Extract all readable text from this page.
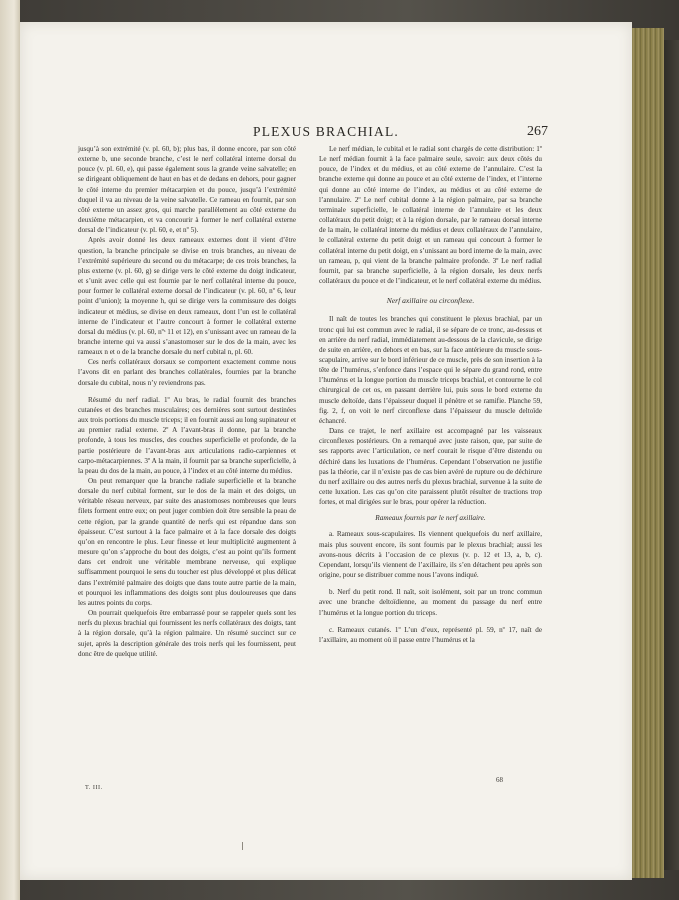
PLEXUS BRACHIAL.	267

jusqu’à son extrémité (v. pl. 60, b); plus bas, il donne encore, par son côté externe b, une seconde branche, c’est le nerf collatéral interne dorsal du pouce (v. pl. 60, e), qui passe également sous la grande veine salvatelle; en se dirigeant obliquement de haut en bas et de dedans en dehors, pour gagner le côté interne du premier métacarpien et du pouce, jusqu’à l’extrémité duquel il va au niveau de la veine salvatelle. Ce rameau en fournit, par son côté externe un assez gros, qui marche parallèlement au côté externe du deuxième métacarpien, et va concourir à former le nerf collatéral externe dorsal de l’indicateur (v. pl. 60, e, et nº 5).

Après avoir donné les deux rameaux externes dont il vient d’être question, la branche principale se divise en trois branches, au niveau de l’extrémité supérieure du second ou du métacarpe; de ces trois branches, la plus externe (v. pl. 60, g) se dirige vers le côté externe du doigt indicateur, et s’unit avec celle qui est fournie par le nerf collatéral interne du pouce, pour former le collatéral externe dorsal de l’indicateur (v. pl. 60, nº 6, leur point d’union); la moyenne h, qui se dirige vers la commissure des doigts indicateur et médius, se divise en deux rameaux, dont l’un est le collatéral interne de l’indicateur et l’autre concourt à former le collatéral externe dorsal du médius (v. pl. 60, nºˢ 11 et 12), en s’unissant avec un rameau de la branche interne qui va aussi s’anastomoser sur le dos de la main, avec les rameaux n et o de la branche dorsale du nerf cubital n, pl. 60.

Ces nerfs collatéraux dorsaux se comportent exactement comme nous l’avons dit en parlant des branches collatérales, fournies par la branche dorsale du cubital, nous n’y reviendrons pas.

Résumé du nerf radial. 1º Au bras, le radial fournit des branches cutanées et des branches musculaires; ces dernières sont surtout destinées aux trois portions du muscle triceps; il en fournit aussi au long supinateur et au premier radial externe. 2º A l’avant-bras il donne, par la branche profonde, à tous les muscles, des couches superficielle et profonde, de la partie postérieure de l’avant-bras aux articulations radio-carpiennes et carpo-métacarpiennes. 3º A la main, il fournit par sa branche superficielle, à la peau du dos de la main, au pouce, à l’index et au côté interne du médius.

On peut remarquer que la branche radiale superficielle et la branche dorsale du nerf cubital forment, sur le dos de la main et des doigts, un véritable réseau nerveux, par suite des anastomoses nombreuses que leurs filets forment entre eux; on peut juger combien doit être sensible la peau de cette région, par la grande quantité de nerfs qui est répandue dans son épaisseur. C’est surtout à la face palmaire et à la face dorsale des doigts qu’on en rencontre le plus. Leur finesse et leur multiplicité augmentent à mesure qu’on s’approche du bout des doigts, c’est au point qu’ils forment dans cet endroit une véritable membrane nerveuse, qui explique suffisamment pourquoi le sens du toucher est plus développé et plus délicat dans l’extrémité palmaire des doigts que dans toute autre partie de la main, et pourquoi les inflammations des doigts sont plus douloureuses que dans les autres points du corps.

On pourrait quelquefois être embarrassé pour se rappeler quels sont les nerfs du plexus brachial qui fournissent les nerfs collatéraux des doigts, tant à la région dorsale, qu’à la région palmaire. Un résumé succinct sur ce sujet, après la description générale des trois nerfs qui les fournissent, peut donc être de quelque utilité.

Le nerf médian, le cubital et le radial sont chargés de cette distribution: 1º Le nerf médian fournit à la face palmaire seule, savoir: aux deux côtés du pouce, de l’index et du médius, et au côté externe de l’annulaire. C’est la branche externe qui donne au pouce et au côté externe de l’index, et l’interne qui donne au côté interne de l’index, au médius et au côté externe de l’annulaire. 2º Le nerf cubital donne à la région palmaire, par sa branche terminale superficielle, le collatéral interne de l’annulaire et les deux collatéraux du petit doigt; et à la région dorsale, par le rameau dorsal interne de la main, le collatéral interne du médius et deux collatéraux de l’annulaire, le collatéral externe du petit doigt et un rameau qui concourt à former le collatéral interne du petit doigt, en s’unissant au bord interne de la main, avec un rameau, p, qui vient de la branche palmaire profonde. 3º Le nerf radial fournit, par sa branche superficielle, à la région dorsale, les deux nerfs collatéraux du pouce et de l’indicateur, et le nerf collatéral externe du médius.

Nerf axillaire ou circonflexe.

Il naît de toutes les branches qui constituent le plexus brachial, par un tronc qui lui est commun avec le radial, il se sépare de ce tronc, au-dessus et en arrière du nerf radial, immédiatement au-dessous de la clavicule, se dirige de suite en arrière, en dehors et en bas, sur la face antérieure du muscle sous-scapulaire, arrive sur le bord inférieur de ce muscle, près de son insertion à la tête de l’humérus, s’enfonce dans l’espace qui le sépare du grand rond, entre l’humérus et la longue portion du muscle triceps brachial, et contourne le col chirurgical de cet os, en passant derrière lui, puis sous le bord externe du muscle deltoïde, dans l’épaisseur duquel il pénètre et se ramifie. Planche 59, fig. 2, f, on voit le nerf circonflexe dans l’épaisseur du muscle deltoïde échancré.

Dans ce trajet, le nerf axillaire est accompagné par les vaisseaux circonflexes postérieurs. On a remarqué avec juste raison, que, par suite de ses rapports avec l’articulation, ce nerf courait le risque d’être distendu ou déchiré dans les luxations de l’humérus. Cependant l’observation ne justifie pas la théorie, car il n’existe pas de cas bien avéré de rupture ou de déchirure du nerf axillaire ou des autres nerfs du plexus brachial, survenue à la suite de cette luxation. Les cas qu’on cite paraissent plutôt résulter de tractions trop fortes, et mal dirigées sur le bras, pour opérer la réduction.

Rameaux fournis par le nerf axillaire.

a. Rameaux sous-scapulaires. Ils viennent quelquefois du nerf axillaire, mais plus souvent encore, ils sont fournis par le plexus brachial; aussi les avons-nous décrits à l’occasion de ce plexus (v. p. 12 et 13, a, b, c). Cependant, lorsqu’ils viennent de l’axillaire, ils s’en détachent peu après son origine, pour se distribuer comme nous l’avons indiqué.

b. Nerf du petit rond. Il naît, soit isolément, soit par un tronc commun avec une branche deltoïdienne, au moment du passage du nerf entre l’humérus et la longue portion du triceps.

c. Rameaux cutanés. 1º L’un d’eux, représenté pl. 59, nº 17, naît de l’axillaire, au moment où il passe entre l’humérus et la

T. III.
68
